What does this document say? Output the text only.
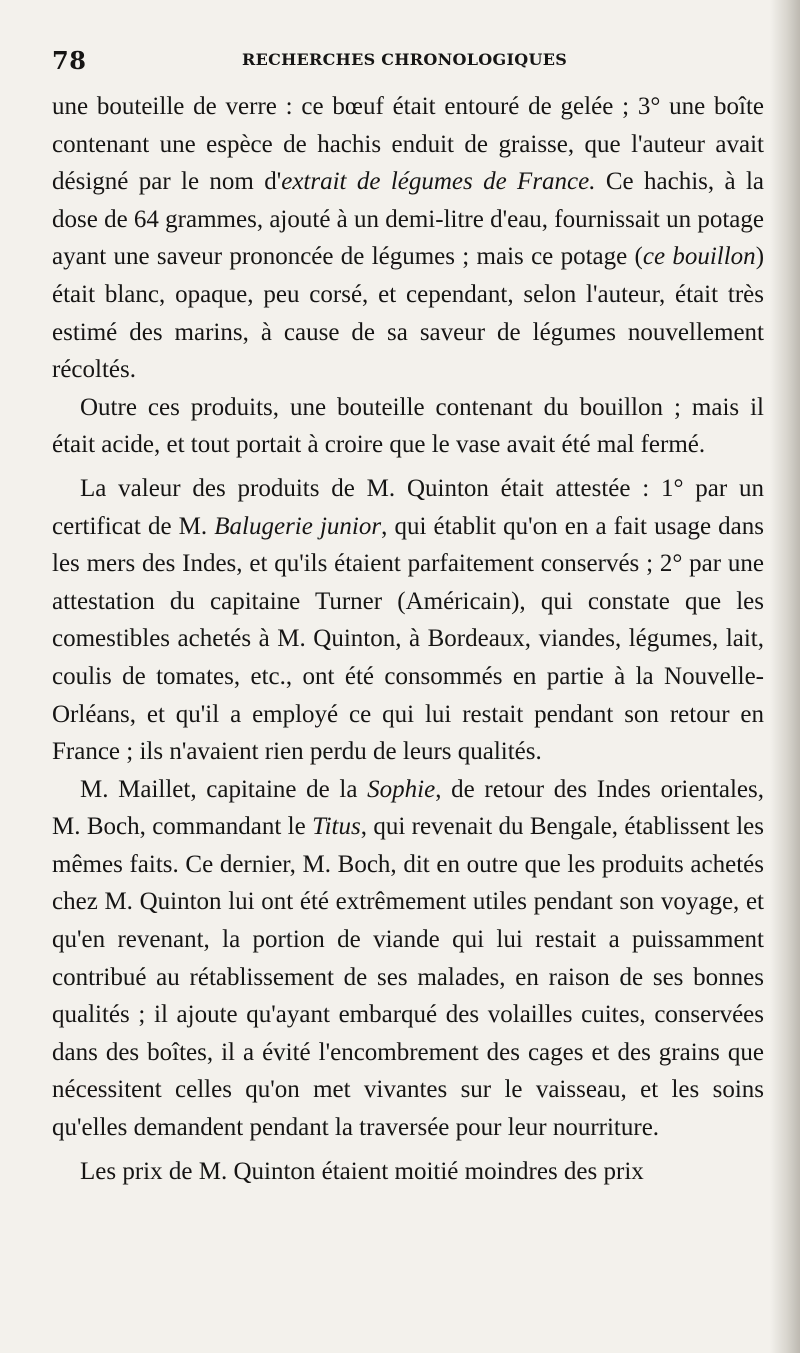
78	RECHERCHES CHRONOLOGIQUES

une bouteille de verre : ce bœuf était entouré de gelée ; 3° une boîte contenant une espèce de hachis enduit de graisse, que l'auteur avait désigné par le nom d'extrait de légumes de France. Ce hachis, à la dose de 64 grammes, ajouté à un demi-litre d'eau, fournissait un potage ayant une saveur prononcée de légumes ; mais ce potage (ce bouillon) était blanc, opaque, peu corsé, et cependant, selon l'auteur, était très estimé des marins, à cause de sa saveur de légumes nouvellement récoltés.

Outre ces produits, une bouteille contenant du bouillon ; mais il était acide, et tout portait à croire que le vase avait été mal fermé.

La valeur des produits de M. Quinton était attestée : 1° par un certificat de M. Balugerie junior, qui établit qu'on en a fait usage dans les mers des Indes, et qu'ils étaient parfaitement conservés ; 2° par une attestation du capitaine Turner (Américain), qui constate que les comestibles achetés à M. Quinton, à Bordeaux, viandes, légumes, lait, coulis de tomates, etc., ont été consommés en partie à la Nouvelle-Orléans, et qu'il a employé ce qui lui restait pendant son retour en France ; ils n'avaient rien perdu de leurs qualités.

M. Maillet, capitaine de la Sophie, de retour des Indes orientales, M. Boch, commandant le Titus, qui revenait du Bengale, établissent les mêmes faits. Ce dernier, M. Boch, dit en outre que les produits achetés chez M. Quinton lui ont été extrêmement utiles pendant son voyage, et qu'en revenant, la portion de viande qui lui restait a puissamment contribué au rétablissement de ses malades, en raison de ses bonnes qualités ; il ajoute qu'ayant embarqué des volailles cuites, conservées dans des boîtes, il a évité l'encombrement des cages et des grains que nécessitent celles qu'on met vivantes sur le vaisseau, et les soins qu'elles demandent pendant la traversée pour leur nourriture.

Les prix de M. Quinton étaient moitié moindres des prix
